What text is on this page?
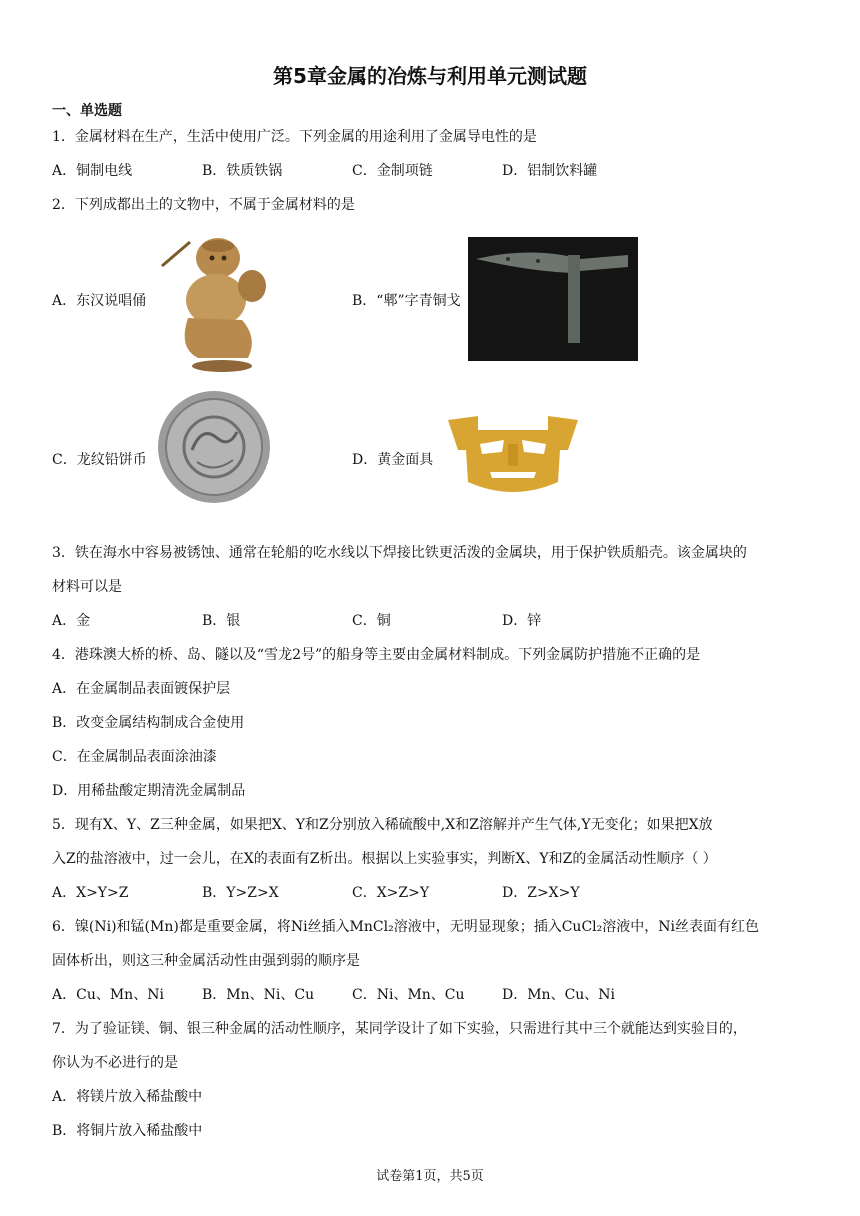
第5章金属的冶炼与利用单元测试题
一、单选题
1．金属材料在生产，生活中使用广泛。下列金属的用途利用了金属导电性的是
A．铜制电线	B．铁质铁锅	C．金制项链	D．铝制饮料罐
2．下列成都出土的文物中，不属于金属材料的是
A．东汉说唱俑	B．“郫”字青铜戈
C．龙纹铅饼币	D．黄金面具
3．铁在海水中容易被锈蚀、通常在轮船的吃水线以下焊接比铁更活泼的金属块，用于保护铁质船壳。该金属块的
材料可以是
A．金	B．银	C．铜	D．锌
4．港珠澳大桥的桥、岛、隧以及“雪龙2号”的船身等主要由金属材料制成。下列金属防护措施不正确的是
A．在金属制品表面镀保护层
B．改变金属结构制成合金使用
C．在金属制品表面涂油漆
D．用稀盐酸定期清洗金属制品
5．现有X、Y、Z三种金属，如果把X、Y和Z分别放入稀硫酸中,X和Z溶解并产生气体,Y无变化；如果把X放
入Z的盐溶液中，过一会儿，在X的表面有Z析出。根据以上实验事实，判断X、Y和Z的金属活动性顺序（ ）
A．X>Y>Z	B．Y>Z>X	C．X>Z>Y	D．Z>X>Y
6．镍(Ni)和锰(Mn)都是重要金属，将Ni丝插入MnCl₂溶液中，无明显现象；插入CuCl₂溶液中，Ni丝表面有红色
固体析出，则这三种金属活动性由强到弱的顺序是
A．Cu、Mn、Ni	B．Mn、Ni、Cu	C．Ni、Mn、Cu	D．Mn、Cu、Ni
7．为了验证镁、铜、银三种金属的活动性顺序，某同学设计了如下实验，只需进行其中三个就能达到实验目的，
你认为不必进行的是
A．将镁片放入稀盐酸中
B．将铜片放入稀盐酸中
试卷第1页，共5页
